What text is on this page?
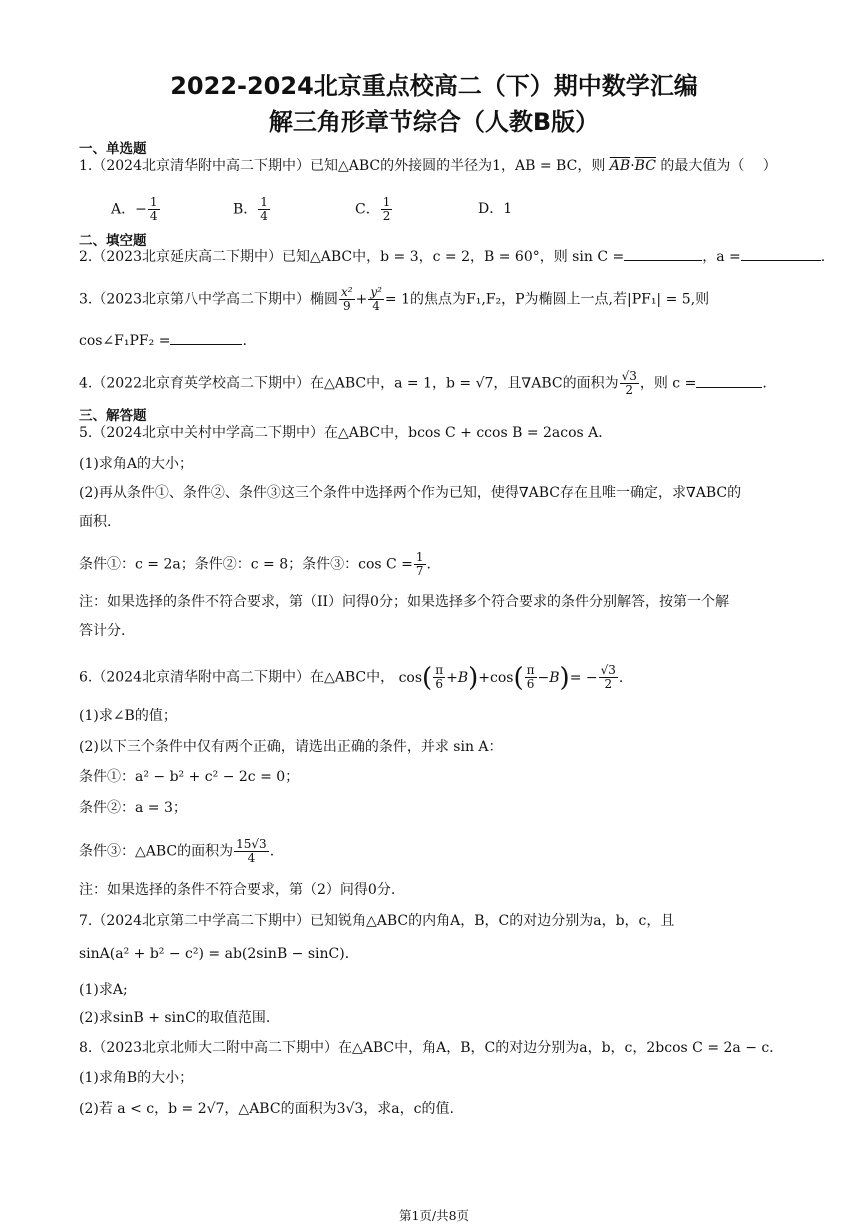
2022-2024北京重点校高二（下）期中数学汇编
解三角形章节综合（人教B版）
一、单选题
1.（2024北京清华附中高二下期中）已知△ABC的外接圆的半径为1，AB = BC，则 $\overline{AB}\cdot\overline{BC}$ 的最大值为（　 ）
A．− $\frac{1}{4}$	B． $\frac{1}{4}$	C． $\frac{1}{2}$	D．1
二、填空题
2.（2023北京延庆高二下期中）已知△ABC中，b = 3，c = 2，B = 60°，则 sin C =	，a =	.
3.（2023北京第八中学高二下期中）椭圆 $\frac{\text{x²}}{9} + \frac{\text{y²}}{4} = 1$的焦点为F₁,F₂，P为椭圆上一点,若|PF₁| = 5,则
cos∠F₁PF₂ =	.
4.（2022北京育英学校高二下期中）在△ABC中，a = 1，b = √7，且∇ABC的面积为 $\frac{√3}{2}$ ，则 c =	.
三、解答题
5.（2024北京中关村中学高二下期中）在△ABC中，bcos C + ccos B = 2acos A．
(1)求角A的大小；
(2)再从条件①、条件②、条件③这三个条件中选择两个作为已知，使得∇ABC存在且唯一确定，求∇ABC的
面积.
条件①：c = 2a；条件②：c = 8；条件③：$\cos C = \frac{1}{7}$ .
注：如果选择的条件不符合要求，第（II）问得0分；如果选择多个符合要求的条件分别解答，按第一个解
答计分.
6.（2024北京清华附中高二下期中）在△ABC中， $\cos( \frac{\pi}{6} +B)+\cos( \frac{\pi}{6} -B)= - \frac{√3}{2}$ .
(1)求∠B的值；
(2)以下三个条件中仅有两个正确，请选出正确的条件，并求 sin A：
条件①：a² − b² + c² − 2c = 0；
条件②：a = 3；
条件③：△ABC的面积为 $\frac{15√3}{4}$ .
注：如果选择的条件不符合要求，第（2）问得0分.
7.（2024北京第二中学高二下期中）已知锐角△ABC的内角A，B，C的对边分别为a，b，c，且
sinA(a² + b² − c²) = ab(2sinB − sinC)．
(1)求A;
(2)求sinB + sinC的取值范围.
8.（2023北京北师大二附中高二下期中）在△ABC中，角A，B，C的对边分别为a，b，c，2bcos C = 2a − c．
(1)求角B的大小；
(2)若 a < c，b = 2√7，△ABC的面积为3√3，求a，c的值.
第1页/共8页
